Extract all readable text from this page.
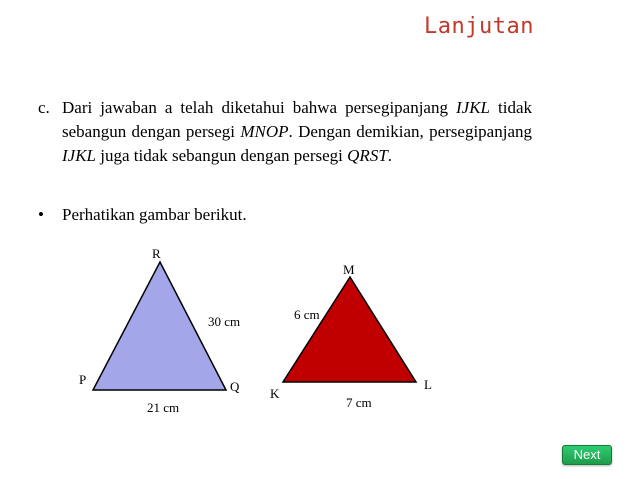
Lanjutan
c. Dari jawaban a telah diketahui bahwa persegipanjang IJKL tidak sebangun dengan persegi MNOP. Dengan demikian, persegipanjang IJKL juga tidak sebangun dengan persegi QRST.
• Perhatikan gambar berikut.
R
P	Q
30 cm
21 cm
M
K
L
6 cm
7 cm
Next
